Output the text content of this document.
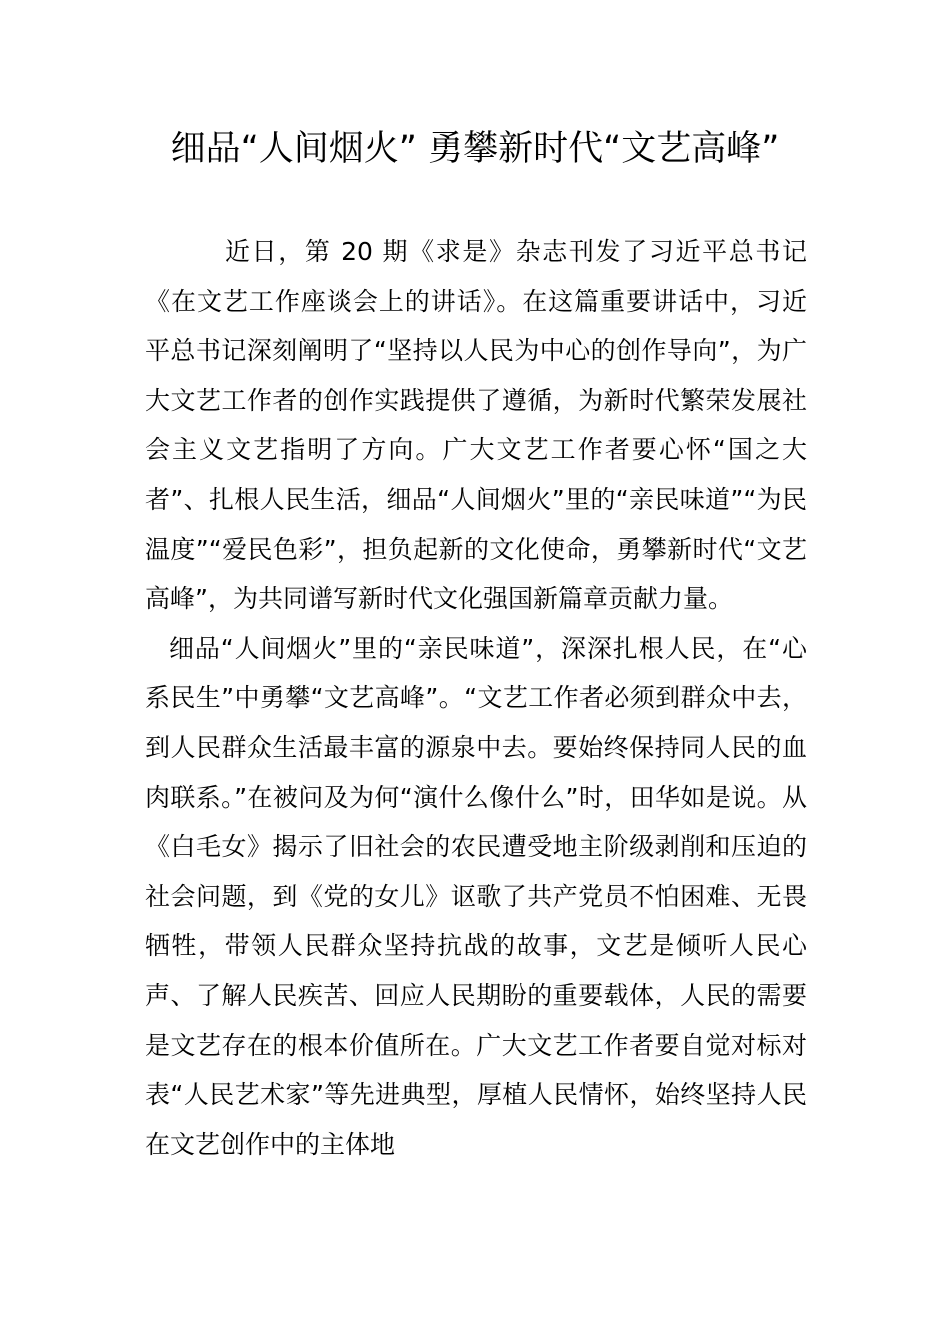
细品“人间烟火” 勇攀新时代“文艺高峰”

近日，第 20 期《求是》杂志刊发了习近平总书记《在文艺工作座谈会上的讲话》。在这篇重要讲话中，习近平总书记深刻阐明了“坚持以人民为中心的创作导向”，为广大文艺工作者的创作实践提供了遵循，为新时代繁荣发展社会主义文艺指明了方向。广大文艺工作者要心怀“国之大者”、扎根人民生活，细品“人间烟火”里的“亲民味道”“为民温度”“爱民色彩”，担负起新的文化使命，勇攀新时代“文艺高峰”，为共同谱写新时代文化强国新篇章贡献力量。

细品“人间烟火”里的“亲民味道”，深深扎根人民，在“心系民生”中勇攀“文艺高峰”。“文艺工作者必须到群众中去，到人民群众生活最丰富的源泉中去。要始终保持同人民的血肉联系。”在被问及为何“演什么像什么”时，田华如是说。从《白毛女》揭示了旧社会的农民遭受地主阶级剥削和压迫的社会问题，到《党的女儿》讴歌了共产党员不怕困难、无畏牺牲，带领人民群众坚持抗战的故事，文艺是倾听人民心声、了解人民疾苦、回应人民期盼的重要载体，人民的需要是文艺存在的根本价值所在。广大文艺工作者要自觉对标对表“人民艺术家”等先进典型，厚植人民情怀，始终坚持人民在文艺创作中的主体地
